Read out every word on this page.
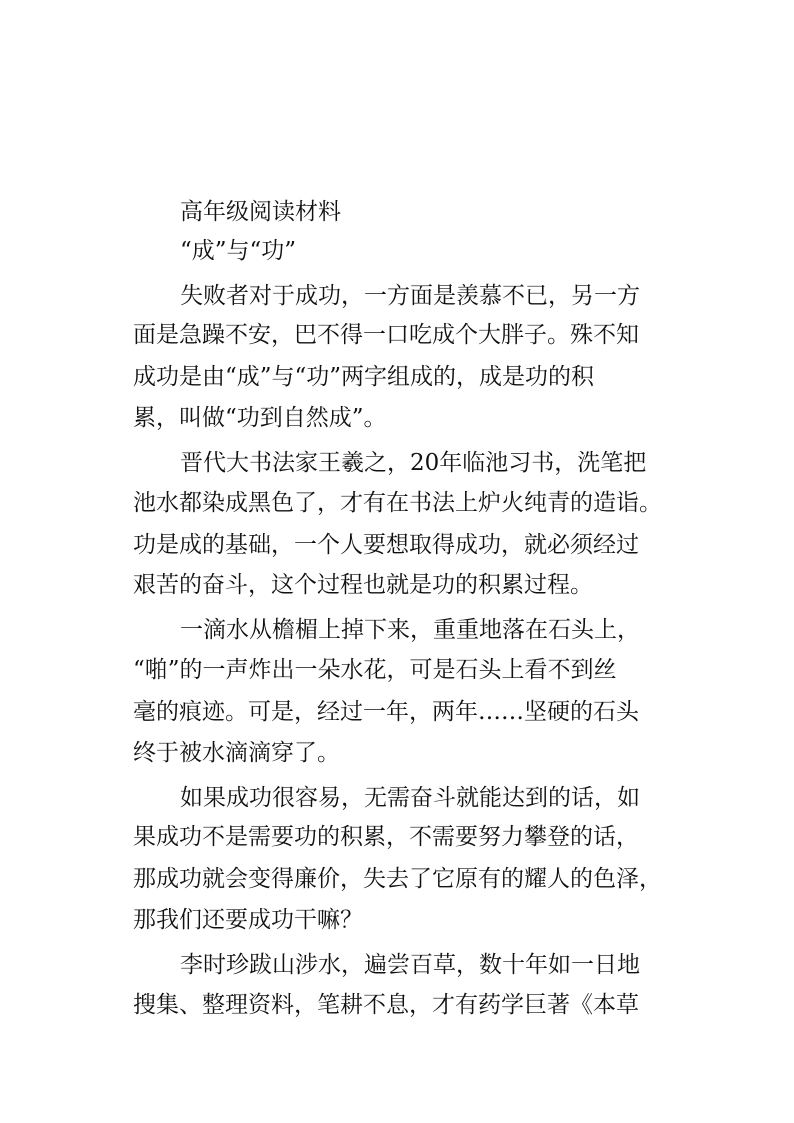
高年级阅读材料
“成”与“功”
失败者对于成功，一方面是羡慕不已，另一方
面是急躁不安，巴不得一口吃成个大胖子。殊不知
成功是由“成”与“功”两字组成的，成是功的积
累，叫做“功到自然成”。
晋代大书法家王羲之，20年临池习书，洗笔把
池水都染成黑色了，才有在书法上炉火纯青的造诣。
功是成的基础，一个人要想取得成功，就必须经过
艰苦的奋斗，这个过程也就是功的积累过程。
一滴水从檐楣上掉下来，重重地落在石头上，
“啪”的一声炸出一朵水花，可是石头上看不到丝
毫的痕迹。可是，经过一年，两年……坚硬的石头
终于被水滴滴穿了。
如果成功很容易，无需奋斗就能达到的话，如
果成功不是需要功的积累，不需要努力攀登的话，
那成功就会变得廉价，失去了它原有的耀人的色泽，
那我们还要成功干嘛？
李时珍跋山涉水，遍尝百草，数十年如一日地
搜集、整理资料，笔耕不息，才有药学巨著《本草
